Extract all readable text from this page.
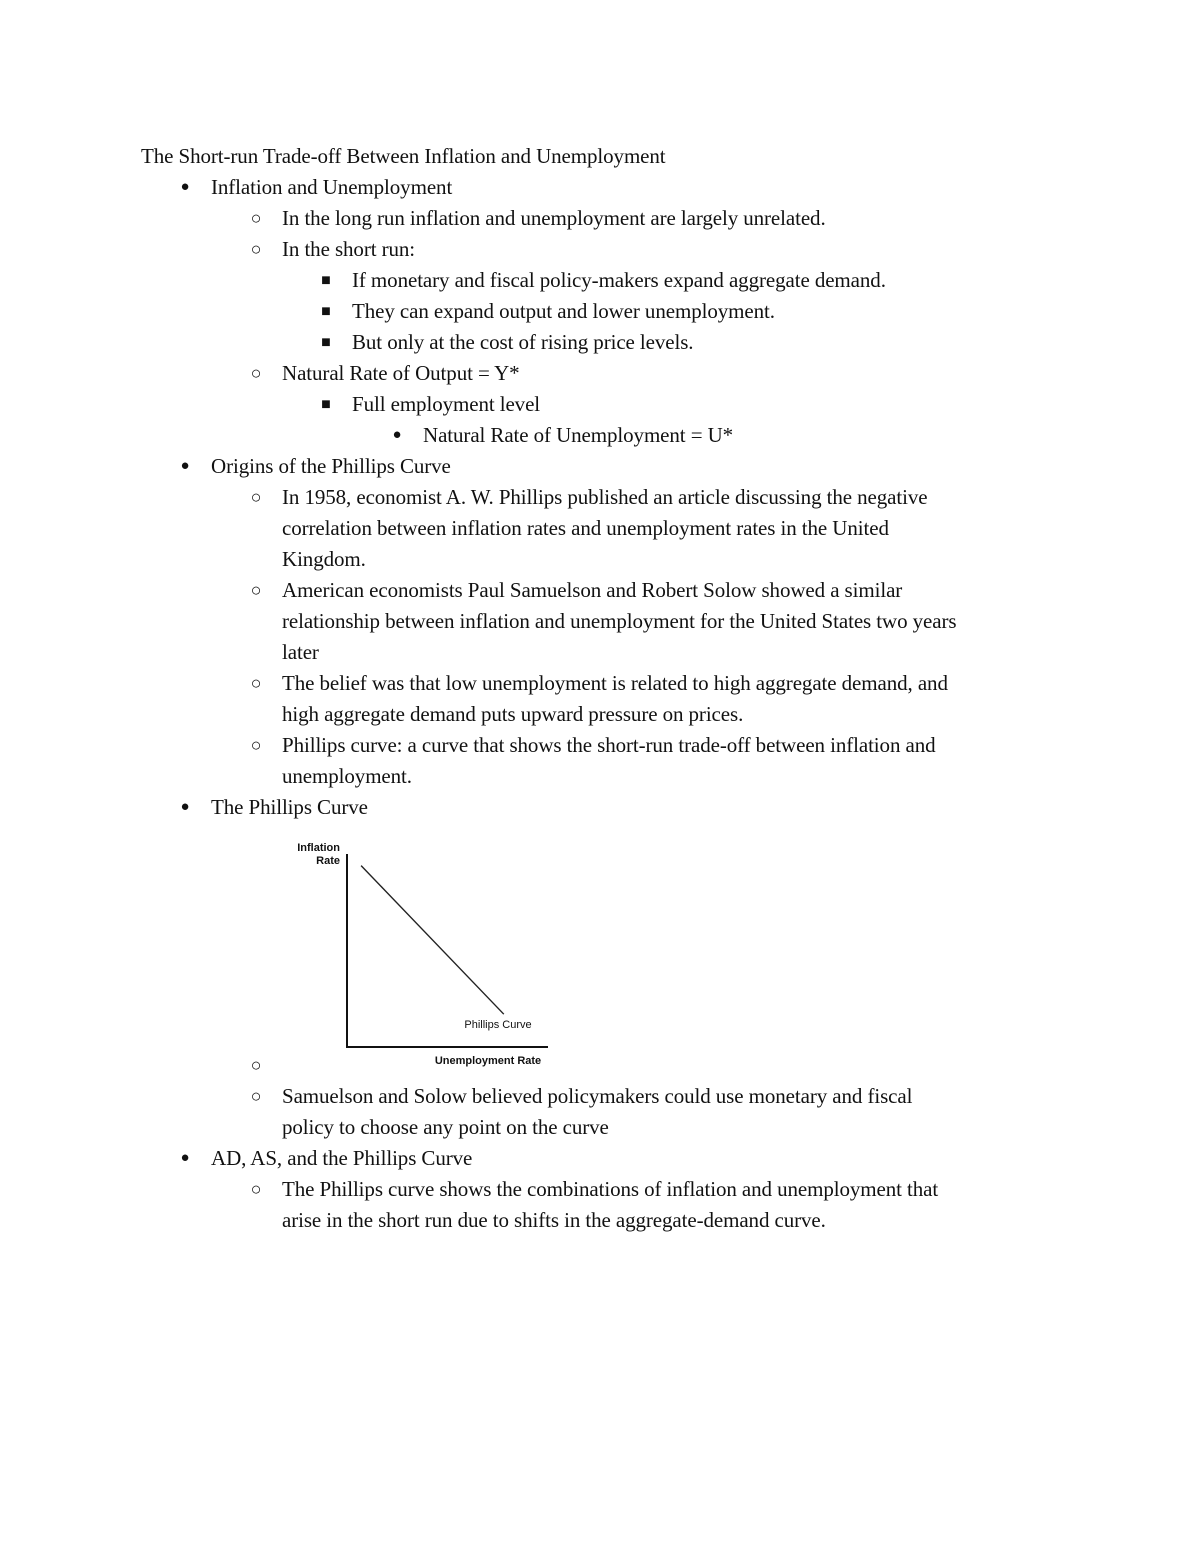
The Short-run Trade-off Between Inflation and Unemployment
● Inflation and Unemployment
○ In the long run inflation and unemployment are largely unrelated.
○ In the short run:
■ If monetary and fiscal policy-makers expand aggregate demand.
■ They can expand output and lower unemployment.
■ But only at the cost of rising price levels.
○ Natural Rate of Output = Y*
■ Full employment level
● Natural Rate of Unemployment = U*
● Origins of the Phillips Curve
○ In 1958, economist A. W. Phillips published an article discussing the negative
correlation between inflation rates and unemployment rates in the United
Kingdom.
○ American economists Paul Samuelson and Robert Solow showed a similar
relationship between inflation and unemployment for the United States two years
later
○ The belief was that low unemployment is related to high aggregate demand, and
high aggregate demand puts upward pressure on prices.
○ Phillips curve: a curve that shows the short-run trade-off between inflation and
unemployment.
● The Phillips Curve
Inflation
Rate
Phillips Curve
Unemployment Rate
○
○ Samuelson and Solow believed policymakers could use monetary and fiscal
policy to choose any point on the curve
● AD, AS, and the Phillips Curve
○ The Phillips curve shows the combinations of inflation and unemployment that
arise in the short run due to shifts in the aggregate-demand curve.
